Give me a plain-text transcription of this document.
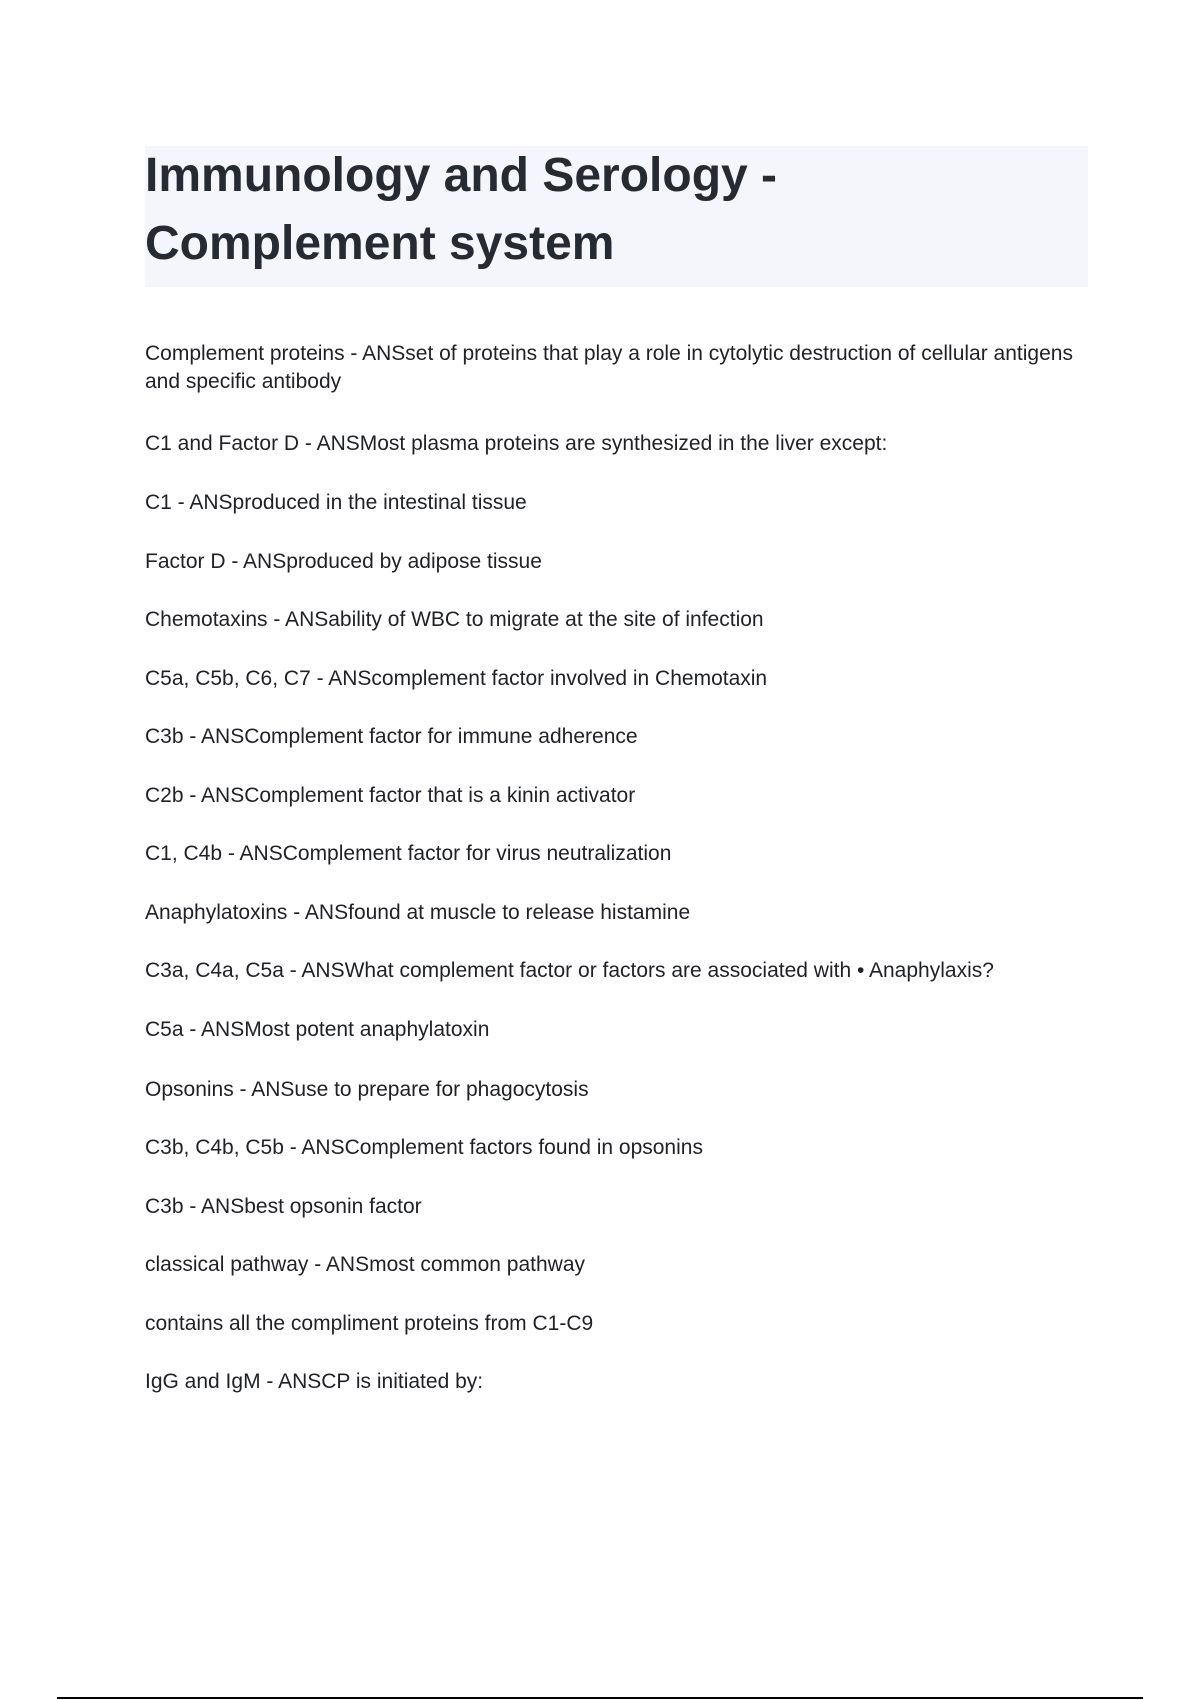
Immunology and Serology -
Complement system
Complement proteins - ANSset of proteins that play a role in cytolytic destruction of cellular antigens and specific antibody
C1 and Factor D - ANSMost plasma proteins are synthesized in the liver except:
C1 - ANSproduced in the intestinal tissue
Factor D - ANSproduced by adipose tissue
Chemotaxins - ANSability of WBC to migrate at the site of infection
C5a, C5b, C6, C7 - ANScomplement factor involved in Chemotaxin
C3b - ANSComplement factor for immune adherence
C2b - ANSComplement factor that is a kinin activator
C1, C4b - ANSComplement factor for virus neutralization
Anaphylatoxins - ANSfound at muscle to release histamine
C3a, C4a, C5a - ANSWhat complement factor or factors are associated with • Anaphylaxis?
C5a - ANSMost potent anaphylatoxin
Opsonins - ANSuse to prepare for phagocytosis
C3b, C4b, C5b - ANSComplement factors found in opsonins
C3b - ANSbest opsonin factor
classical pathway - ANSmost common pathway
contains all the compliment proteins from C1-C9
IgG and IgM - ANSCP is initiated by:
